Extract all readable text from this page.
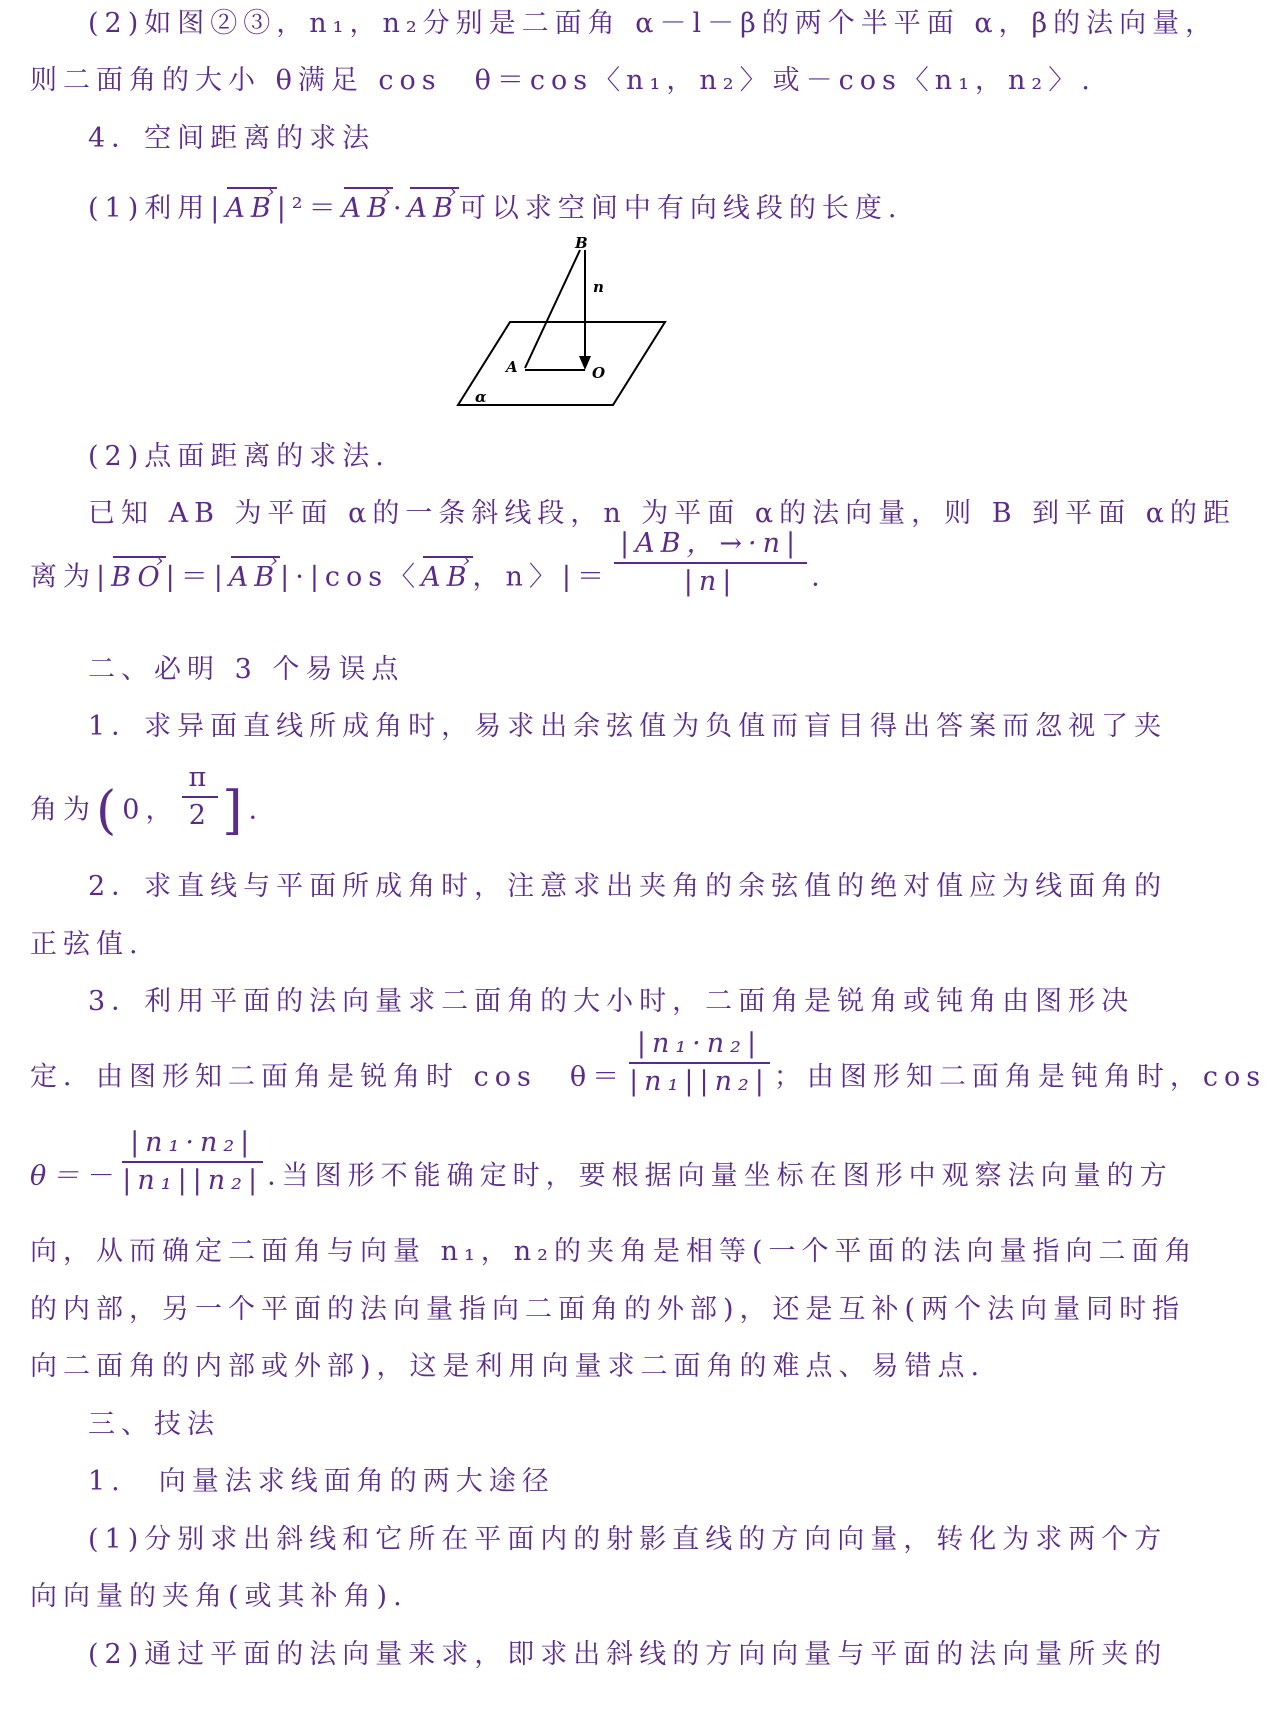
(2)如图②③，n₁，n₂分别是二面角 α－l－β的两个半平面 α，β的法向量，
则二面角的大小 θ满足 cos　θ＝cos〈n₁，n₂〉或－cos〈n₁，n₂〉.
4．空间距离的求法
(1)利用|AB ›|²＝AB ›·AB ›可以求空间中有向线段的长度.
B
n
A	O
α
(2)点面距离的求法.
已知 AB 为平面 α的一条斜线段，n 为平面 α的法向量，则 B 到平面 α的距
离为|BO ›|＝|AB ›|·|cos〈AB ›，n〉|＝ $\frac{|AB,\to\cdot n|}{|n|}$ .
二、必明 3 个易误点
1．求异面直线所成角时，易求出余弦值为负值而盲目得出答案而忽视了夹
角为(0， $\frac{\pi}{2}$ ].
2．求直线与平面所成角时，注意求出夹角的余弦值的绝对值应为线面角的
正弦值.
3．利用平面的法向量求二面角的大小时，二面角是锐角或钝角由图形决
定．由图形知二面角是锐角时 cos　$\theta= \frac{\text{|n₁·n₂|}}{\text{|n₁||n₂|}}$ ；由图形知二面角是钝角时，cos
$\theta=- \frac{\text{|n₁·n₂|}}{\text{|n₁||n₂|}}$ .当图形不能确定时，要根据向量坐标在图形中观察法向量的方
向，从而确定二面角与向量 n₁，n₂的夹角是相等(一个平面的法向量指向二面角
的内部，另一个平面的法向量指向二面角的外部)，还是互补(两个法向量同时指
向二面角的内部或外部)，这是利用向量求二面角的难点、易错点.
三、技法
1.　向量法求线面角的两大途径
(1)分别求出斜线和它所在平面内的射影直线的方向向量，转化为求两个方
向向量的夹角(或其补角).
(2)通过平面的法向量来求，即求出斜线的方向向量与平面的法向量所夹的
